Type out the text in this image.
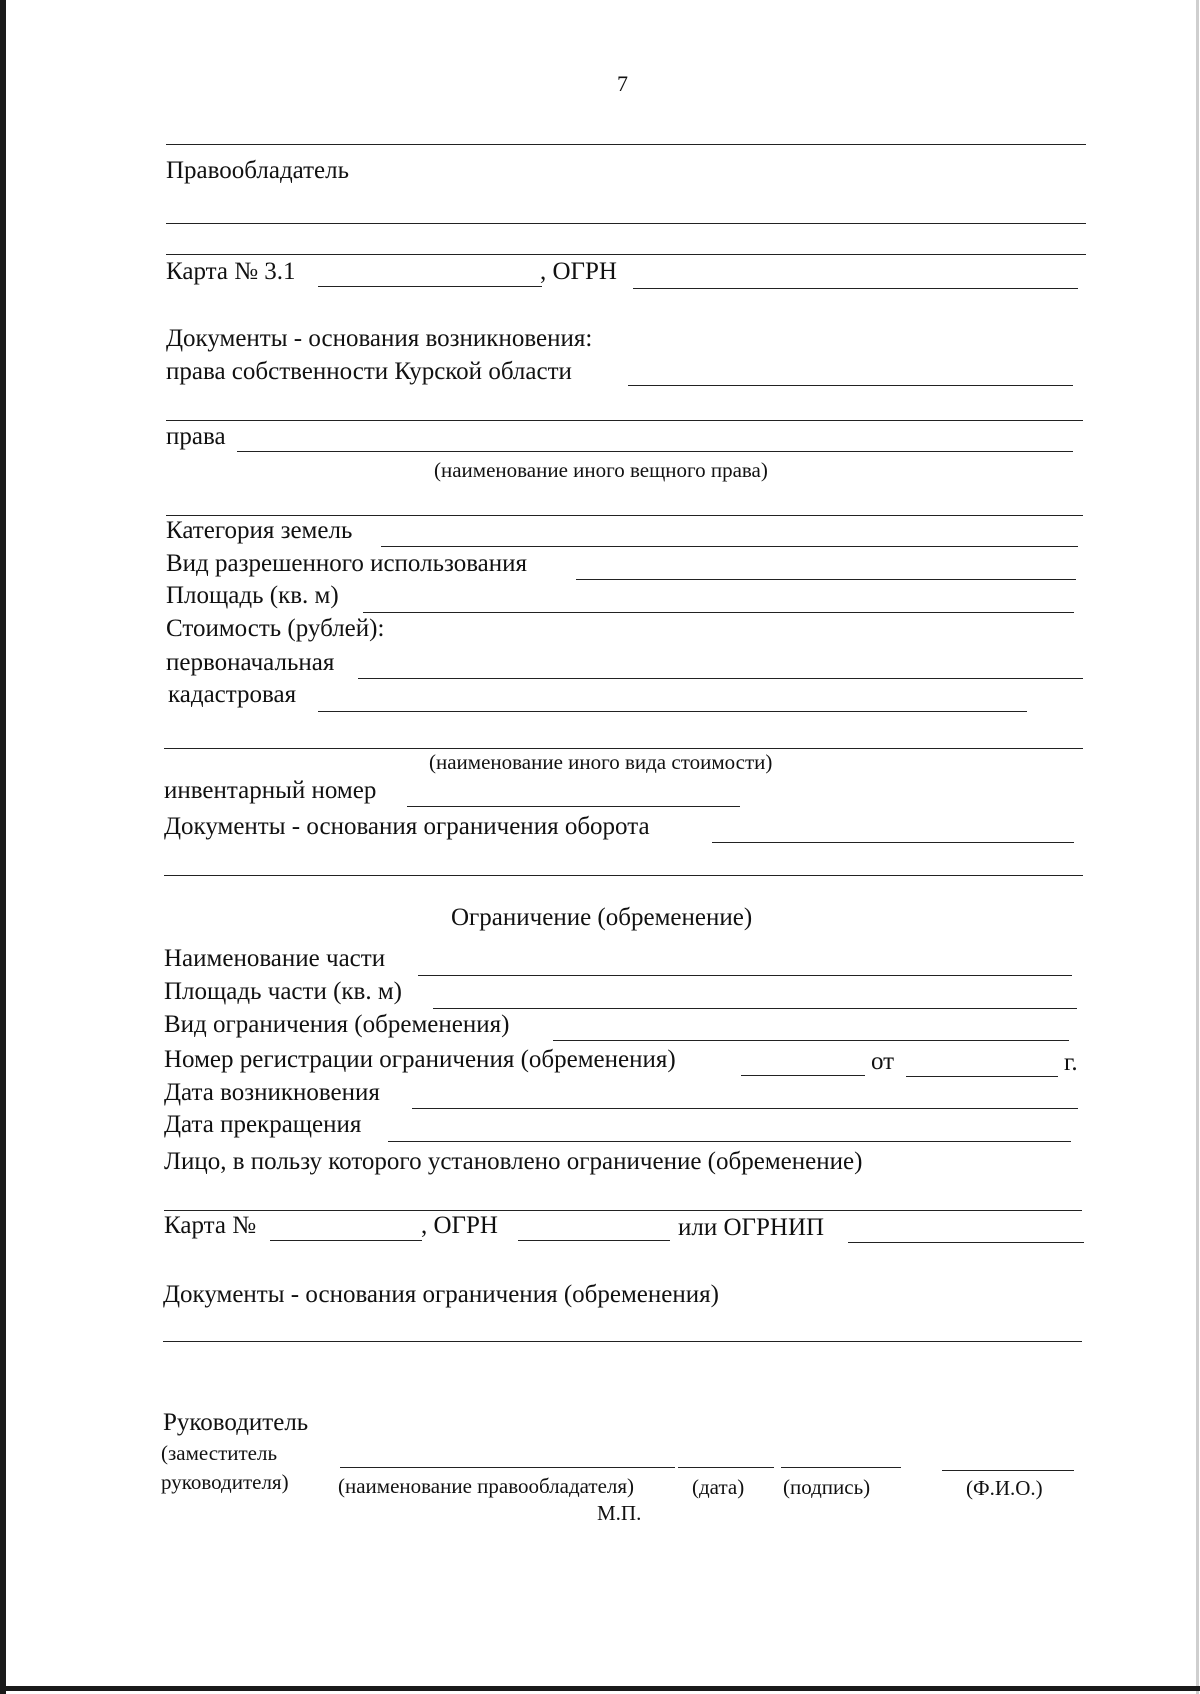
7
Правообладатель
Карта № 3.1	, ОГРН
Документы - основания возникновения:
права собственности Курской области
права
(наименование иного вещного права)
Категория земель
Вид разрешенного использования
Площадь (кв. м)
Стоимость (рублей):
первоначальная
кадастровая
(наименование иного вида стоимости)
инвентарный номер
Документы - основания ограничения оборота
Ограничение (обременение)
Наименование части
Площадь части (кв. м)
Вид ограничения (обременения)
Номер регистрации ограничения (обременения)	от	г.
Дата возникновения
Дата прекращения
Лицо, в пользу которого установлено ограничение (обременение)
Карта №	, ОГРН	или ОГРНИП
Документы - основания ограничения (обременения)
Руководитель
(заместитель
руководителя) (наименование правообладателя)	(дата) (подпись)	(Ф.И.О.)
М.П.
